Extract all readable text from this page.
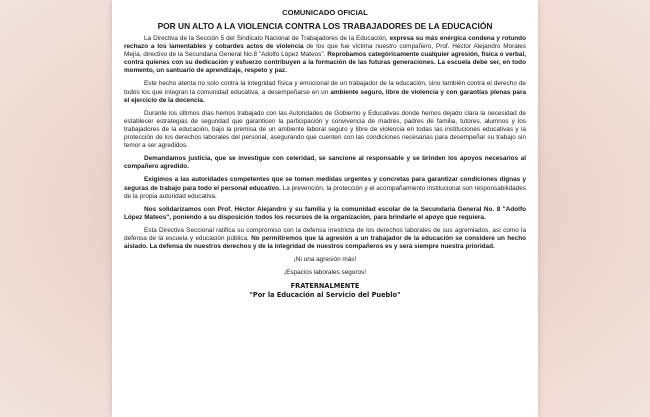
COMUNICADO OFICIAL

POR UN ALTO A LA VIOLENCIA CONTRA LOS TRABAJADORES DE LA EDUCACIÓN

La Directiva de la Sección 5 del Sindicato Nacional de Trabajadores de la Educación, expresa su más enérgica condena y rotundo rechazo a los lamentables y cobardes actos de violencia de los que fue víctima nuestro compañero, Prof. Héctor Alejandro Morales Mejía, directivo de la Secundaria General No.8 "Adolfo López Mateos". Reprobamos categóricamente cualquier agresión, física o verbal, contra quienes con su dedicación y esfuerzo contribuyen a la formación de las futuras generaciones. La escuela debe ser, en todo momento, un santuario de aprendizaje, respeto y paz.

Este hecho atenta no solo contra la integridad física y emocional de un trabajador de la educación, sino también contra el derecho de todos los que integran la comunidad educativa, a desempeñarse en un ambiente seguro, libre de violencia y con garantías plenas para el ejercicio de la docencia.

Durante los últimos días hemos trabajado con las Autoridades de Gobierno y Educativas donde hemos dejado clara la necesidad de establecer estrategias de seguridad que garanticen la participación y convivencia de madres, padres de familia, tutores, alumnos y los trabajadores de la educación, bajo la premisa de un ambiente laboral seguro y libre de violencia en todas las instituciones educativas y la protección de los derechos laborales del personal, asegurando que cuenten con las condiciones necesarias para desempeñar su trabajo sin temor a ser agredidos.

Demandamos justicia, que se investigue con celeridad, se sancione al responsable y se brinden los apoyos necesarios al compañero agredido.

Exigimos a las autoridades competentes que se tomen medidas urgentes y concretas para garantizar condiciones dignas y seguras de trabajo para todo el personal educativo. La prevención, la protección y el acompañamiento institucional son responsabilidades de la propia autoridad educativa.

Nos solidarizamos con Prof. Héctor Alejandro y su familia y la comunidad escolar de la Secundaria General No. 8 "Adolfo López Mateos", poniendo a su disposición todos los recursos de la organización, para brindarle el apoyo que requiera.

Esta Directiva Seccional ratifica su compromiso con la defensa irrestricta de los derechos laborales de sus agremiados, así como la defensa de la escuela y educación pública. No permitiremos que la agresión a un trabajador de la educación se considere un hecho aislado. La defensa de nuestros derechos y de la integridad de nuestros compañeros es y será siempre nuestra prioridad.

¡Ni una agresión más!

¡Espacios laborales seguros!

FRATERNALMENTE

"Por la Educación al Servicio del Pueblo"
